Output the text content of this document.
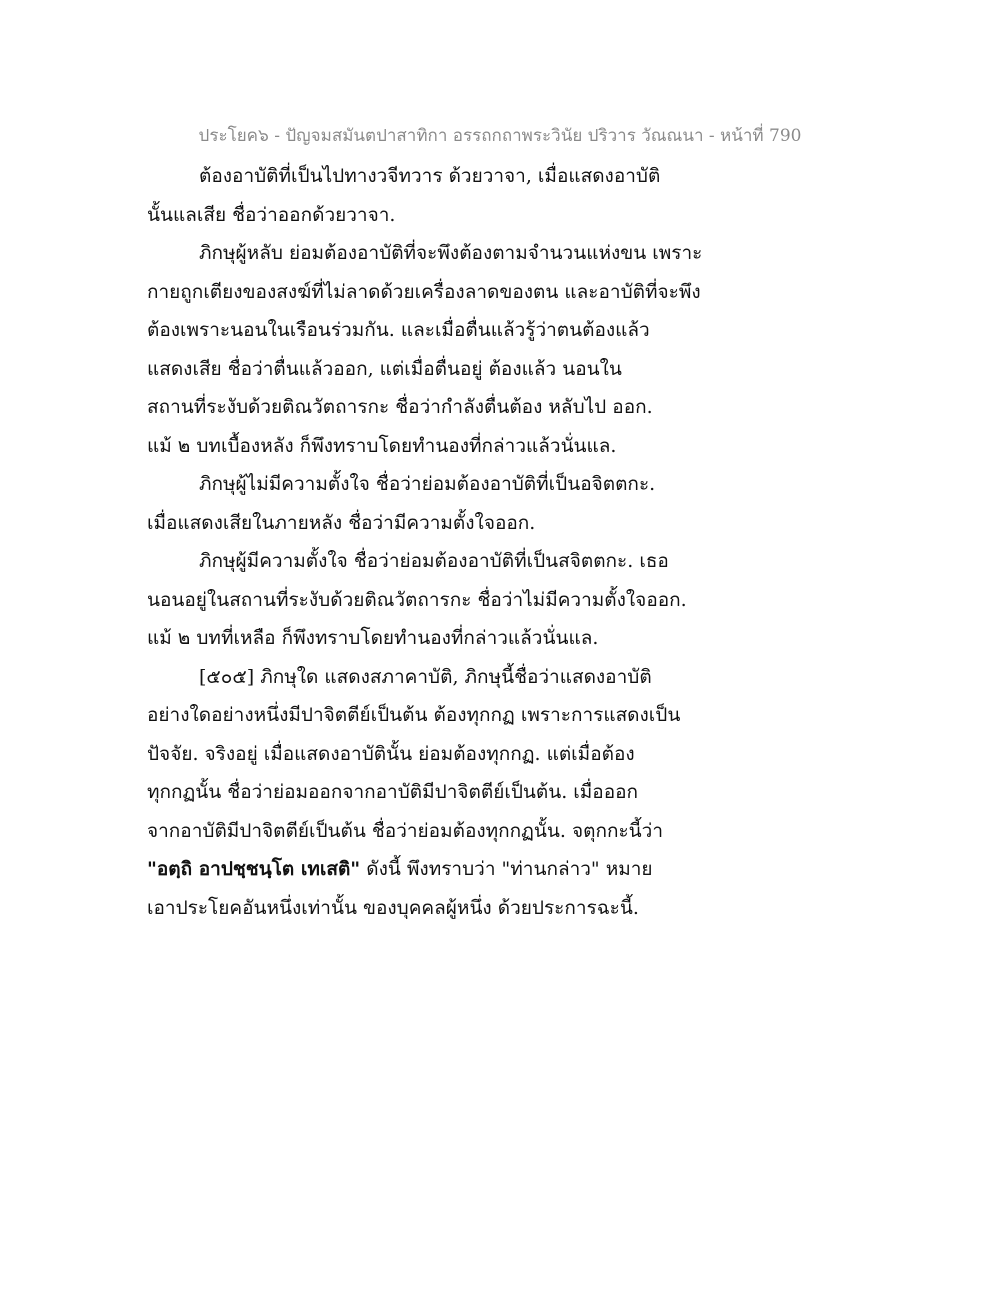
ประโยค๖ - ปัญจมสมันตปาสาทิกา อรรถกถาพระวินัย ปริวาร วัณณนา - หน้าที่ 790
ต้องอาบัติที่เป็นไปทางวจีทวาร ด้วยวาจา, เมื่อแสดงอาบัติ
นั้นแลเสีย ชื่อว่าออกด้วยวาจา.
ภิกษุผู้หลับ ย่อมต้องอาบัติที่จะพึงต้องตามจำนวนแห่งขน เพราะ
กายถูกเตียงของสงฆ์ที่ไม่ลาดด้วยเครื่องลาดของตน และอาบัติที่จะพึง
ต้องเพราะนอนในเรือนร่วมกัน. และเมื่อตื่นแล้วรู้ว่าตนต้องแล้ว
แสดงเสีย ชื่อว่าตื่นแล้วออก, แต่เมื่อตื่นอยู่ ต้องแล้ว นอนใน
สถานที่ระงับด้วยติณวัตถารกะ ชื่อว่ากำลังตื่นต้อง หลับไป ออก.
แม้ ๒ บทเบื้องหลัง ก็พึงทราบโดยทำนองที่กล่าวแล้วนั่นแล.
ภิกษุผู้ไม่มีความตั้งใจ ชื่อว่าย่อมต้องอาบัติที่เป็นอจิตตกะ.
เมื่อแสดงเสียในภายหลัง ชื่อว่ามีความตั้งใจออก.
ภิกษุผู้มีความตั้งใจ ชื่อว่าย่อมต้องอาบัติที่เป็นสจิตตกะ. เธอ
นอนอยู่ในสถานที่ระงับด้วยติณวัตถารกะ ชื่อว่าไม่มีความตั้งใจออก.
แม้ ๒ บทที่เหลือ ก็พึงทราบโดยทำนองที่กล่าวแล้วนั่นแล.
[๕๐๕] ภิกษุใด แสดงสภาคาบัติ, ภิกษุนี้ชื่อว่าแสดงอาบัติ
อย่างใดอย่างหนึ่งมีปาจิตตีย์เป็นต้น ต้องทุกกฏ เพราะการแสดงเป็น
ปัจจัย. จริงอยู่ เมื่อแสดงอาบัตินั้น ย่อมต้องทุกกฏ. แต่เมื่อต้อง
ทุกกฏนั้น ชื่อว่าย่อมออกจากอาบัติมีปาจิตตีย์เป็นต้น. เมื่อออก
จากอาบัติมีปาจิตตีย์เป็นต้น ชื่อว่าย่อมต้องทุกกฏนั้น. จตุกกะนี้ว่า
"อตฺถิ อาปชฺชนฺโต เทเสติ" ดังนี้ พึงทราบว่า "ท่านกล่าว" หมาย
เอาประโยคอันหนึ่งเท่านั้น ของบุคคลผู้หนึ่ง ด้วยประการฉะนี้.
